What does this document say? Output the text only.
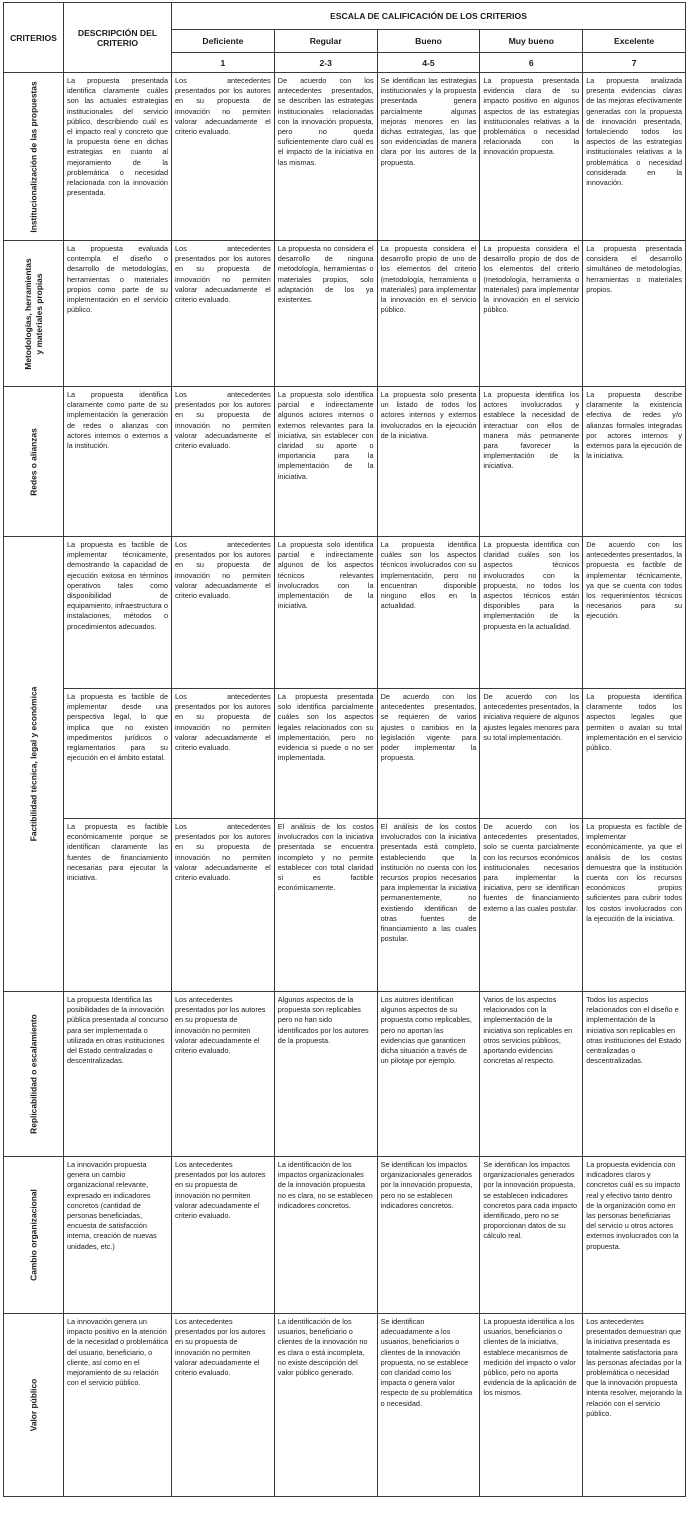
CRITERIOS	DESCRIPCIÓN DEL CRITERIO	ESCALA DE CALIFICACIÓN DE LOS CRITERIOS				
		Deficiente	Regular	Bueno	Muy bueno	Excelente
		1	2-3	4-5	6	7

Institucionalización de las propuestas
	La propuesta presentada identifica claramente cuáles son las actuales estrategias institucionales del servicio público, describiendo cuál es el impacto real y concreto que la propuesta tiene en dichas estrategias en cuanto al mejoramiento de la problemática o necesidad relacionada con la innovación presentada.	Los antecedentes presentados por los autores en su propuesta de innovación no permiten valorar adecuadamente el criterio evaluado.	De acuerdo con los antecedentes presentados, se describen las estrategias institucionales relacionadas con la innovación propuesta, pero no queda suficientemente claro cuál es el impacto de la iniciativa en las mismas.	Se identifican las estrategias institucionales y la propuesta presentada genera parcialmente algunas mejoras menores en las dichas estrategias, las que son evidenciadas de manera clara por los autores de la propuesta.	La propuesta presentada evidencia clara de su impacto positivo en algunos aspectos de las estrategias institucionales relativas a la problemática o necesidad relacionada con la innovación propuesta.	La propuesta analizada presenta evidencias claras de las mejoras efectivamente generadas con la propuesta de innovación presentada, fortaleciendo todos los aspectos de las estrategias institucionales relativas a la problemática o necesidad considerada en la innovación.

Metodologías, herramientas y materiales propias	La propuesta evaluada contempla el diseño o desarrollo de metodologías, herramientas o materiales propios como parte de su implementación en el servicio público.	Los antecedentes presentados por los autores en su propuesta de innovación no permiten valorar adecuadamente el criterio evaluado.	La propuesta no considera el desarrollo de ninguna metodología, herramientas o materiales propios, solo adaptación de los ya existentes.	La propuesta considera el desarrollo propio de uno de los elementos del criterio (metodología, herramienta o materiales) para implementar la innovación en el servicio público.	La propuesta considera el desarrollo propio de dos de los elementos del criterio (metodología, herramienta o materiales) para implementar la innovación en el servicio público.	La propuesta presentada considera el desarrollo simultáneo de metodologías, herramientas o materiales propios.

Redes o alianzas	La propuesta identifica claramente como parte de su implementación la generación de redes o alianzas con actores internos o externos a la institución.	Los antecedentes presentados por los autores en su propuesta de innovación no permiten valorar adecuadamente el criterio evaluado.	La propuesta solo identifica parcial e indirectamente algunos actores internos o externos relevantes para la iniciativa, sin establecer con claridad su aporte o importancia para la implementación de la iniciativa.	La propuesta solo presenta un listado de todos los actores internos y externos involucrados en la ejecución de la iniciativa.	La propuesta identifica los actores involucrados y establece la necesidad de interactuar con ellos de manera más permanente para favorecer la implementación de la iniciativa.	La propuesta describe claramente la existencia efectiva de redes y/o alianzas formales integradas por actores internos y externos para la ejecución de la iniciativa.

Factibilidad técnica, legal y económica
	La propuesta es factible de implementar técnicamente, demostrando la capacidad de ejecución exitosa en términos operativos tales como disponibilidad de equipamiento, infraestructura o instalaciones, métodos o procedimientos adecuados.	Los antecedentes presentados por los autores en su propuesta de innovación no permiten valorar adecuadamente el criterio evaluado.	La propuesta solo identifica parcial e indirectamente algunos de los aspectos técnicos relevantes involucrados con la implementación de la iniciativa.	La propuesta identifica cuáles son los aspectos técnicos involucrados con su implementación, pero no encuentran disponible ninguno ellos en la actualidad.	La propuesta identifica con claridad cuáles son los aspectos técnicos involucrados con la propuesta, no todos los aspectos técnicos están disponibles para la implementación de la propuesta en la actualidad.	De acuerdo con los antecedentes presentados, la propuesta es factible de implementar técnicamente, ya que se cuenta con todos los requerimientos técnicos necesarios para su ejecución.
	La propuesta es factible de implementar desde una perspectiva legal, lo que implica que no existen impedimentos jurídicos o reglamentarios para su ejecución en el ámbito estatal.	Los antecedentes presentados por los autores en su propuesta de innovación no permiten valorar adecuadamente el criterio evaluado.	La propuesta presentada solo identifica parcialmente cuáles son los aspectos legales relacionados con su implementación, pero no evidencia si puede o no ser implementada.	De acuerdo con los antecedentes presentados, se requieren de varios ajustes o cambios en la legislación vigente para poder implementar la propuesta.	De acuerdo con los antecedentes presentados, la iniciativa requiere de algunos ajustes legales menores para su total implementación.	La propuesta identifica claramente todos los aspectos legales que permiten o avalan su total implementación en el servicio público.
La propuesta es factible económicamente porque se identifican claramente las fuentes de financiamiento necesarias para ejecutar la iniciativa.	Los antecedentes presentados por los autores en su propuesta de innovación no permiten valorar adecuadamente el criterio evaluado.	El análisis de los costos involucrados con la iniciativa presentada se encuentra incompleto y no permite establecer con total claridad si es factible económicamente.	El análisis de los costos involucrados con la iniciativa presentada está completo, estableciendo que la institución no cuenta con los recursos propios necesarios para implementar la iniciativa permanentemente, no existiendo identifican de otras fuentes de financiamiento a las cuales postular.	De acuerdo con los antecedentes presentados, solo se cuenta parcialmente con los recursos económicos institucionales necesarios para implementar la iniciativa, pero se identifican fuentes de financiamiento externo a las cuales postular.	La propuesta es factible de implementar económicamente, ya que el análisis de los costos demuestra que la institución cuenta con los recursos económicos propios suficientes para cubrir todos los costos involucrados con la ejecución de la iniciativa.

Replicabilidad o escalamiento	La propuesta Identifica las posibilidades de la innovación pública presentada al concurso para ser implementada o utilizada en otras instituciones del Estado centralizadas o descentralizadas.	Los antecedentes presentados por los autores en su propuesta de innovación no permiten valorar adecuadamente el criterio evaluado.	Algunos aspectos de la propuesta son replicables pero no han sido identificados por los autores de la propuesta.	Los autores identifican algunos aspectos de su propuesta como replicables, pero no aportan las evidencias que garanticen dicha situación a través de un pilotaje por ejemplo.	Varios de los aspectos relacionados con la implementación de la iniciativa son replicables en otros servicios públicos, aportando evidencias concretas al respecto.	Todos los aspectos relacionados con el diseño e implementación de la iniciativa son replicables en otras instituciones del Estado centralizadas o descentralizadas.

Cambio organizacional
	La innovación propuesta genera un cambio organizacional relevante, expresado en indicadores concretos (cantidad de personas beneficiadas, encuesta de satisfacción interna, creación de nuevas unidades, etc.)	Los antecedentes presentados por los autores en su propuesta de innovación no permiten valorar adecuadamente el criterio evaluado.	La identificación de los impactos organizacionales de la innovación propuesta no es clara, no se establecen indicadores concretos.	Se identifican los impactos organizacionales generados por la innovación propuesta, pero no se establecen indicadores concretos.	Se identifican los impactos organizacionales generados por la innovación propuesta, se establecen indicadores concretos para cada impacto identificado, pero no se proporcionan datos de su cálculo real.	La propuesta evidencia con indicadores claros y concretos cuál es su impacto real y efectivo tanto dentro de la organización como en las personas beneficiarias del servicio u otros actores externos involucrados con la propuesta.

Valor público
	La innovación genera un impacto positivo en la atención de la necesidad o problemática del usuario, beneficiario, o cliente, así como en el mejoramiento de su relación con el servicio público.	Los antecedentes presentados por los autores en su propuesta de innovación no permiten valorar adecuadamente el criterio evaluado.	La identificación de los usuarios, beneficiario o clientes de la innovación no es clara o está incompleta, no existe descripción del valor público generado.	Se identifican adecuadamente a los usuarios, beneficiarios o clientes de la innovación propuesta, no se establece con claridad como los impacta o genera valor respecto de su problemática o necesidad.	La propuesta identifica a los usuarios, beneficiarios o clientes de la iniciativa, establece mecanismos de medición del impacto o valor público, pero no aporta evidencia de la aplicación de los mismos.	Los antecedentes presentados demuestran que la iniciativa presentada es totalmente satisfactoria para las personas afectadas por la problemática o necesidad que la innovación propuesta intenta resolver, mejorando la relación con el servicio público.
